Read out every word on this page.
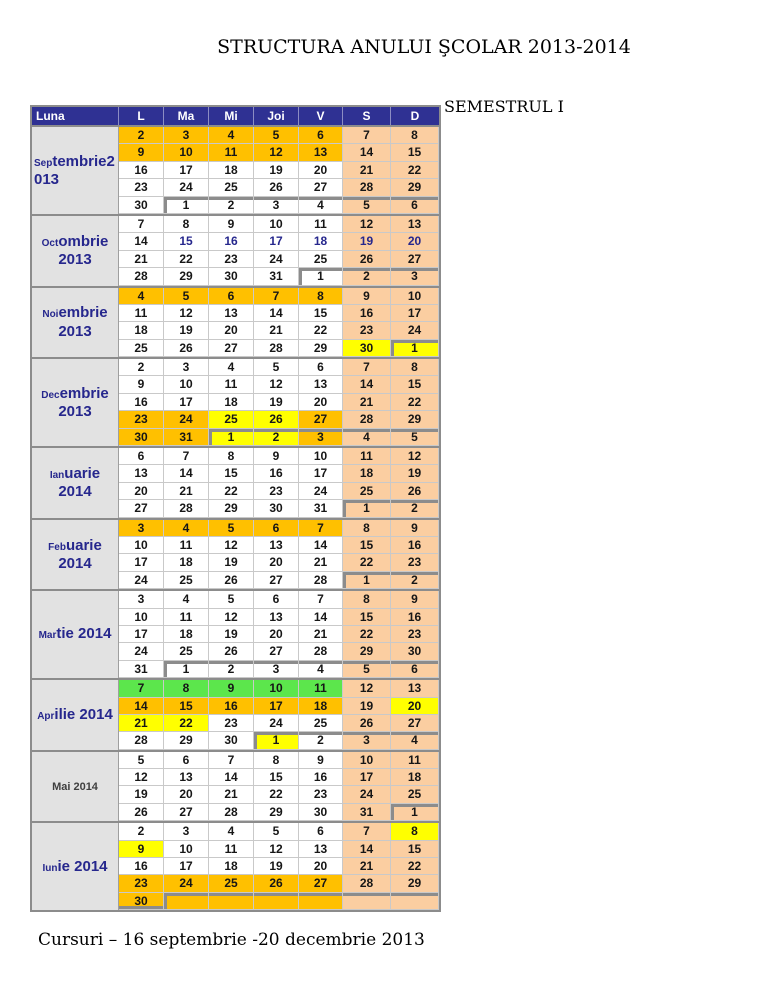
STRUCTURA ANULUI ŞCOLAR 2013-2014
SEMESTRUL I
Luna	L	Ma	Mi	Joi	V	S	D
Septembrie2
013
2	3	4	5	6	7	8
9	10	11	12	13	14	15
16	17	18	19	20	21	22
23	24	25	26	27	28	29
30	1	2	3	4	5	6
Octombrie
2013
7	8	9	10	11	12	13
14	15	16	17	18	19	20
21	22	23	24	25	26	27
28	29	30	31	1	2	3
Noiembrie
2013
4	5	6	7	8	9	10
11	12	13	14	15	16	17
18	19	20	21	22	23	24
25	26	27	28	29	30	1
Decembrie
2013
2	3	4	5	6	7	8
9	10	11	12	13	14	15
16	17	18	19	20	21	22
23	24	25	26	27	28	29
30	31	1	2	3	4	5
Ianuarie
2014
6	7	8	9	10	11	12
13	14	15	16	17	18	19
20	21	22	23	24	25	26
27	28	29	30	31	1	2
Febuarie
2014
3	4	5	6	7	8	9
10	11	12	13	14	15	16
17	18	19	20	21	22	23
24	25	26	27	28	1	2
Martie 2014
3	4	5	6	7	8	9
10	11	12	13	14	15	16
17	18	19	20	21	22	23
24	25	26	27	28	29	30
31	1	2	3	4	5	6
Aprilie 2014
7	8	9	10	11	12	13
14	15	16	17	18	19	20
21	22	23	24	25	26	27
28	29	30	1	2	3	4
Mai 2014
5	6	7	8	9	10	11
12	13	14	15	16	17	18
19	20	21	22	23	24	25
26	27	28	29	30	31	1
Iunie 2014
2	3	4	5	6	7	8
9	10	11	12	13	14	15
16	17	18	19	20	21	22
23	24	25	26	27	28	29
30
Cursuri – 16 septembrie -20 decembrie 2013
